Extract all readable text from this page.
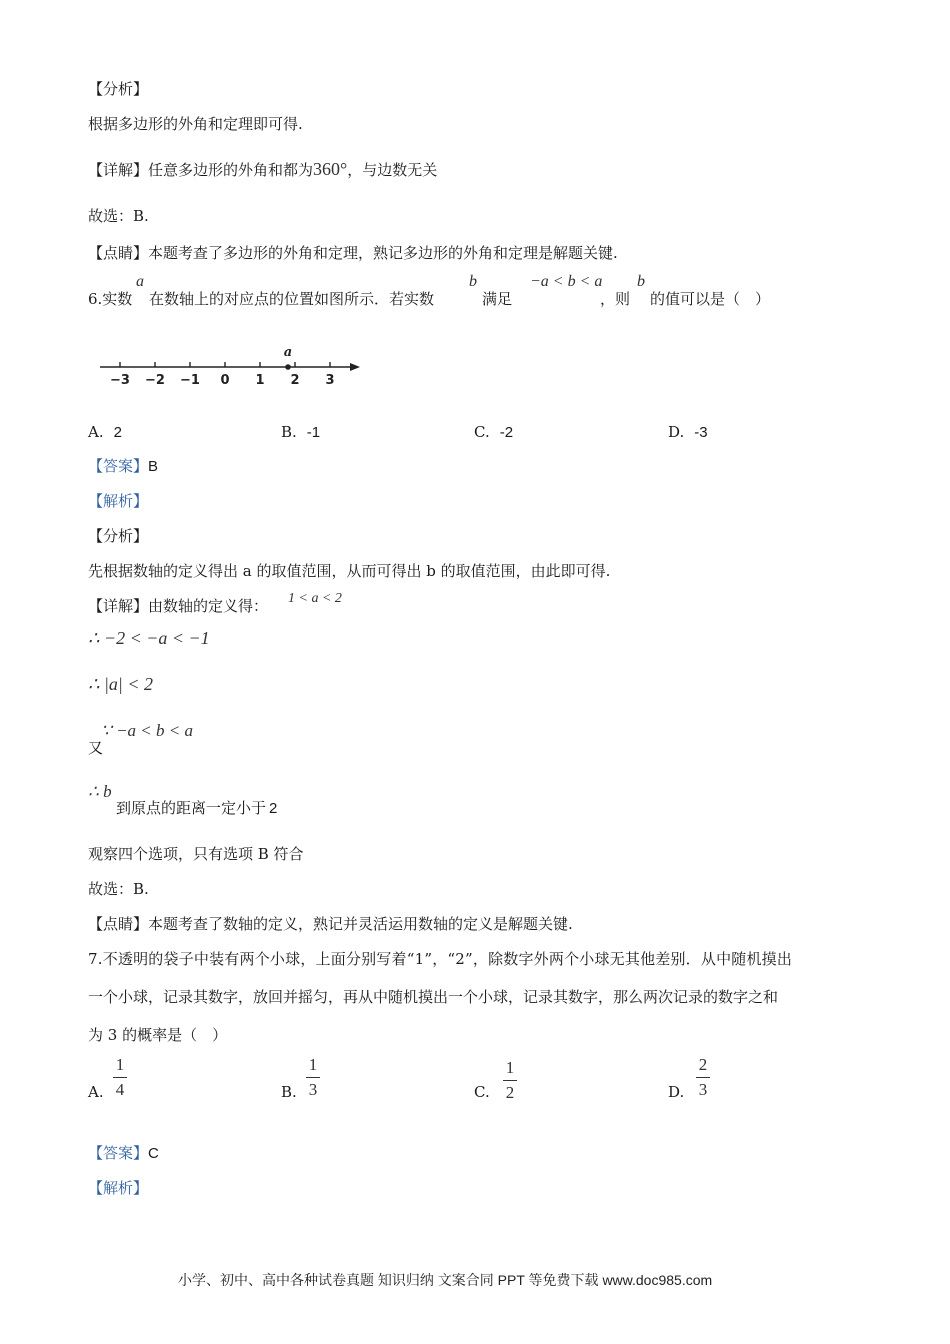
【分析】
根据多边形的外角和定理即可得.
【详解】任意多边形的外角和都为360°，与边数无关
故选：B.
【点睛】本题考查了多边形的外角和定理，熟记多边形的外角和定理是解题关键.
6.实数
a
在数轴上的对应点的位置如图所示．若实数
b
满足
−a < b < a
，则
b
的值可以是（　）
−3 −2 −1 0 1 2 3
a
A. 2	B. -1	C. -2	D. -3
【答案】B
【解析】
【分析】
先根据数轴的定义得出 a 的取值范围，从而可得出 b 的取值范围，由此即可得.
【详解】由数轴的定义得： 1 < a < 2
∴ −2 < −a < −1
∴ |a| < 2
又
∵ −a < b < a
∴ b
到原点的距离一定小于 2
观察四个选项，只有选项 B 符合
故选：B.
【点睛】本题考查了数轴的定义，熟记并灵活运用数轴的定义是解题关键.
7.不透明的袋子中装有两个小球，上面分别写着“1”，“2”，除数字外两个小球无其他差别．从中随机摸出
一个小球，记录其数字，放回并摇匀，再从中随机摸出一个小球，记录其数字，那么两次记录的数字之和
为 3 的概率是（　）
A.
1
4	B.
1
3	C.
1
2	D.
2
3
【答案】C
【解析】
小学、初中、高中各种试卷真题 知识归纳 文案合同 PPT 等免费下载 www.doc985.com
